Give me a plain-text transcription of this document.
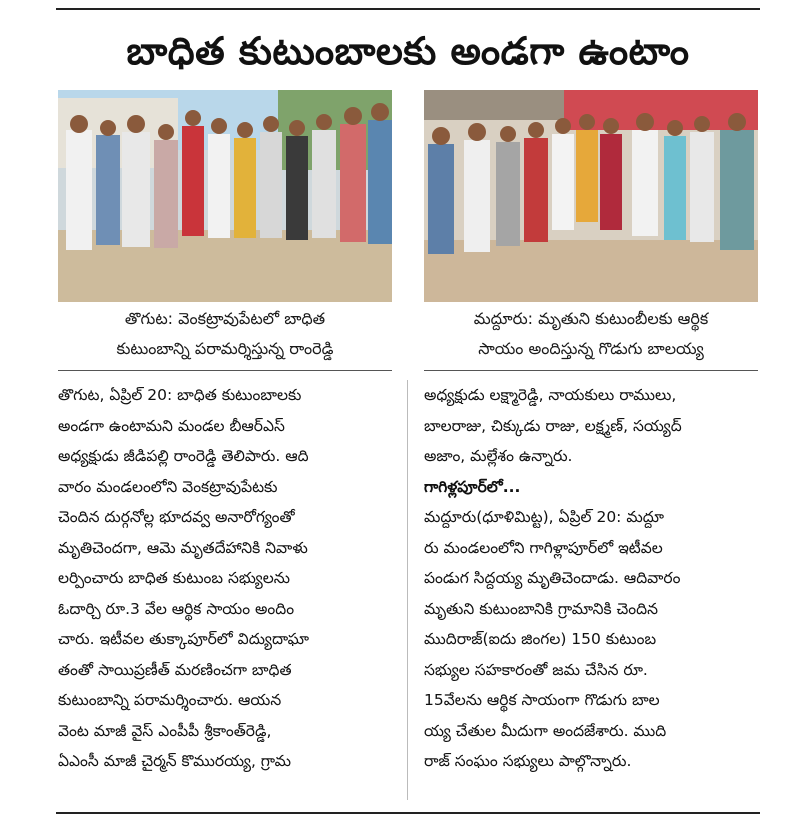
బాధిత కుటుంబాలకు అండగా ఉంటాం
తొగుట: వెంకట్రావుపేటలో బాధిత
కుటుంబాన్ని పరామర్శిస్తున్న రాంరెడ్డి
మద్దూరు: మృతుని కుటుంబీలకు ఆర్థిక
సాయం అందిస్తున్న గొడుగు బాలయ్య
తొగుట, ఏప్రిల్ 20: బాధిత కుటుంబాలకు
అండగా ఉంటామని మండల బీఆర్ఎస్
అధ్యక్షుడు జీడిపల్లి రాంరెడ్డి తెలిపారు. ఆది
వారం మండలంలోని వెంకట్రావుపేటకు
చెందిన దుర్గనోల్ల భూదవ్వ అనారోగ్యంతో
మృతిచెందగా, ఆమె మృతదేహానికి నివాళు
లర్పించారు బాధిత కుటుంబ సభ్యులను
ఓదార్చి రూ.3 వేల ఆర్థిక సాయం అందిం
చారు. ఇటీవల తుక్కాపూర్‌లో విద్యుదాఘా
తంతో సాయిప్రణీత్ మరణించగా బాధిత
కుటుంబాన్ని పరామర్శించారు. ఆయన
వెంట మాజీ వైస్ ఎంపీపీ శ్రీకాంత్‌రెడ్డి,
ఏఎంసీ మాజీ చైర్మన్ కొమురయ్య, గ్రామ
అధ్యక్షుడు లక్ష్మారెడ్డి, నాయకులు రాములు,
బాలరాజు, చిక్కుడు రాజు, లక్ష్మణ్, సయ్యద్
అజాం, మల్లేశం ఉన్నారు.
గాగిళ్లపూర్‌లో...
మద్దూరు(ధూళిమిట్ట), ఏప్రిల్ 20: మద్దూ
రు మండలంలోని గాగిళ్లాపూర్‌లో ఇటీవల
పండుగ సిద్దయ్య మృతిచెందాడు. ఆదివారం
మృతుని కుటుంబానికి గ్రామానికి చెందిన
ముదిరాజ్(ఐదు జింగల) 150 కుటుంబ
సభ్యుల సహకారంతో జమ చేసిన రూ.
15వేలను ఆర్థిక సాయంగా గొడుగు బాల
య్య చేతుల మీదుగా అందజేశారు. ముది
రాజ్ సంఘం సభ్యులు పాల్గొన్నారు.
